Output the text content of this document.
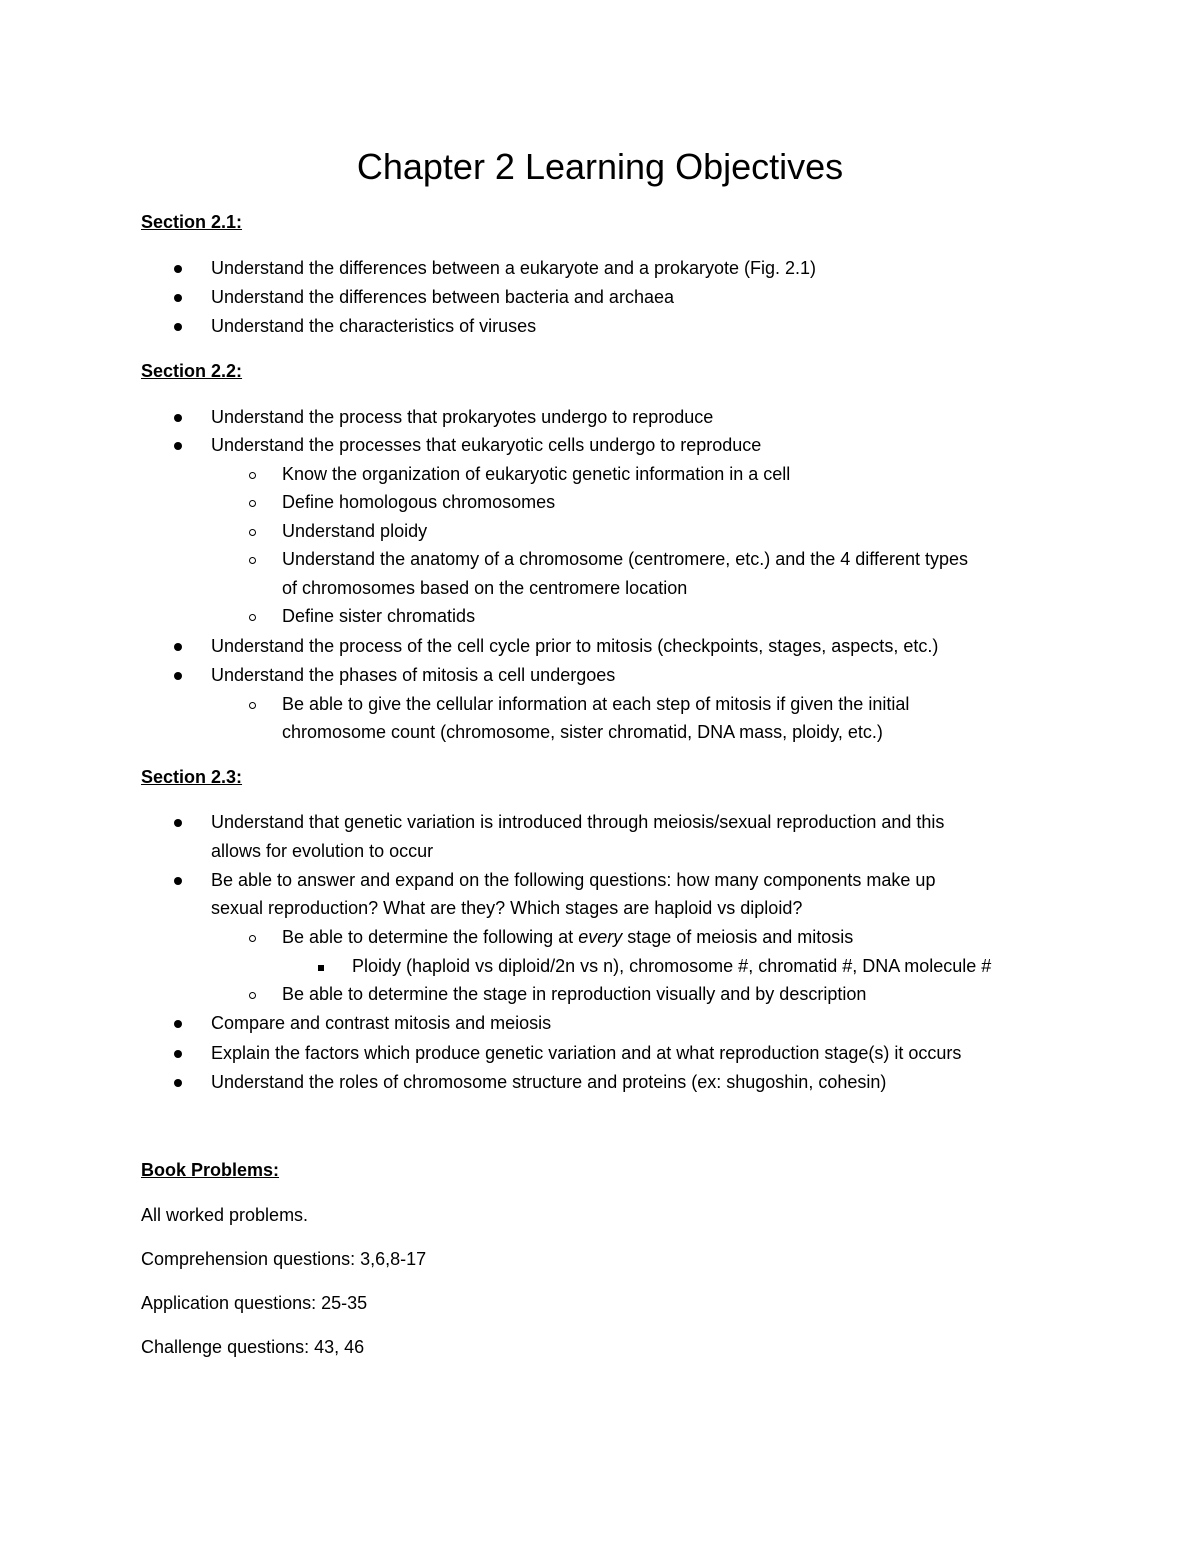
Chapter 2 Learning Objectives

Section 2.1:

Understand the differences between a eukaryote and a prokaryote (Fig. 2.1)

Understand the differences between bacteria and archaea

Understand the characteristics of viruses

Section 2.2:

Understand the process that prokaryotes undergo to reproduce

Understand the processes that eukaryotic cells undergo to reproduce

Know the organization of eukaryotic genetic information in a cell

Define homologous chromosomes

Understand ploidy

Understand the anatomy of a chromosome (centromere, etc.) and the 4 different types

of chromosomes based on the centromere location

Define sister chromatids

Understand the process of the cell cycle prior to mitosis (checkpoints, stages, aspects, etc.)

Understand the phases of mitosis a cell undergoes

Be able to give the cellular information at each step of mitosis if given the initial

chromosome count (chromosome, sister chromatid, DNA mass, ploidy, etc.)

Section 2.3:

Understand that genetic variation is introduced through meiosis/sexual reproduction and this

allows for evolution to occur

Be able to answer and expand on the following questions: how many components make up

sexual reproduction? What are they? Which stages are haploid vs diploid?

Be able to determine the following at every stage of meiosis and mitosis

Ploidy (haploid vs diploid/2n vs n), chromosome #, chromatid #, DNA molecule #

Be able to determine the stage in reproduction visually and by description

Compare and contrast mitosis and meiosis

Explain the factors which produce genetic variation and at what reproduction stage(s) it occurs

Understand the roles of chromosome structure and proteins (ex: shugoshin, cohesin)

Book Problems:

All worked problems.

Comprehension questions: 3,6,8-17

Application questions: 25-35

Challenge questions: 43, 46
